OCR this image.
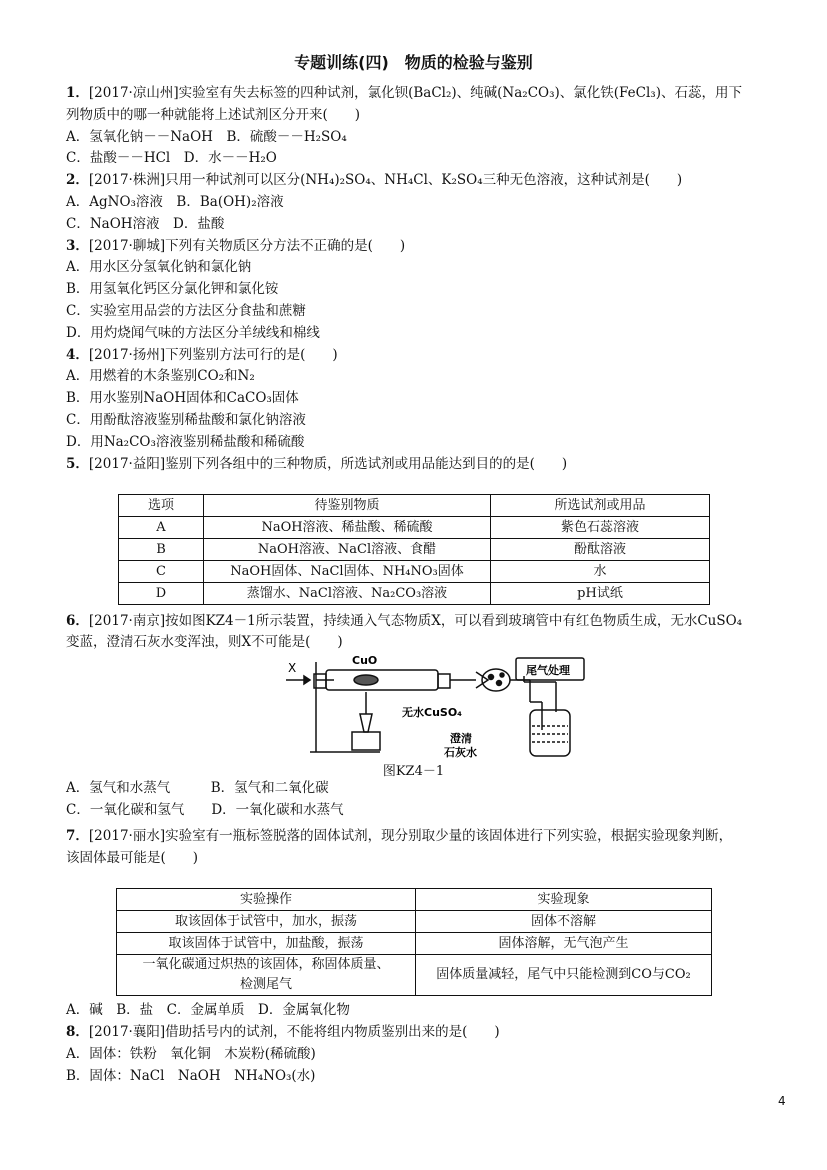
专题训练(四)　物质的检验与鉴别
1．[2017·凉山州]实验室有失去标签的四种试剂，氯化钡(BaCl₂)、纯碱(Na₂CO₃)、氯化铁(FeCl₃)、石蕊，用下
列物质中的哪一种就能将上述试剂区分开来(　　)
A．氢氧化钠－－NaOH　B．硫酸－－H₂SO₄
C．盐酸－－HCl　D．水－－H₂O
2．[2017·株洲]只用一种试剂可以区分(NH₄)₂SO₄、NH₄Cl、K₂SO₄三种无色溶液，这种试剂是(　　)
A．AgNO₃溶液　B．Ba(OH)₂溶液
C．NaOH溶液　D．盐酸
3．[2017·聊城]下列有关物质区分方法不正确的是(　　)
A．用水区分氢氧化钠和氯化钠
B．用氢氧化钙区分氯化钾和氯化铵
C．实验室用品尝的方法区分食盐和蔗糖
D．用灼烧闻气味的方法区分羊绒线和棉线
4．[2017·扬州]下列鉴别方法可行的是(　　)
A．用燃着的木条鉴别CO₂和N₂
B．用水鉴别NaOH固体和CaCO₃固体
C．用酚酞溶液鉴别稀盐酸和氯化钠溶液
D．用Na₂CO₃溶液鉴别稀盐酸和稀硫酸
5．[2017·益阳]鉴别下列各组中的三种物质，所选试剂或用品能达到目的的是(　　)
选项	待鉴别物质	所选试剂或用品
A	NaOH溶液、稀盐酸、稀硫酸	紫色石蕊溶液
B	NaOH溶液、NaCl溶液、食醋	酚酞溶液
C	NaOH固体、NaCl固体、NH₄NO₃固体	水
D	蒸馏水、NaCl溶液、Na₂CO₃溶液	pH试纸
6．[2017·南京]按如图KZ4－1所示装置，持续通入气态物质X，可以看到玻璃管中有红色物质生成，无水CuSO₄
变蓝，澄清石灰水变浑浊，则X不可能是(　　)
X
CuO
无水CuSO₄
尾气处理
澄清
石灰水
图KZ4－1
A．氢气和水蒸气　　　B．氢气和二氧化碳
C．一氧化碳和氢气　　D．一氧化碳和水蒸气
7．[2017·丽水]实验室有一瓶标签脱落的固体试剂，现分别取少量的该固体进行下列实验，根据实验现象判断，
该固体最可能是(　　)
实验操作	实验现象
取该固体于试管中，加水，振荡	固体不溶解
取该固体于试管中，加盐酸，振荡	固体溶解，无气泡产生
一氧化碳通过炽热的该固体，称固体质量、
检测尾气	固体质量减轻，尾气中只能检测到CO与CO₂
A．碱　B．盐　C．金属单质　D．金属氧化物
8．[2017·襄阳]借助括号内的试剂，不能将组内物质鉴别出来的是(　　)
A．固体：铁粉　氧化铜　木炭粉(稀硫酸)
B．固体：NaCl　NaOH　NH₄NO₃(水)
4
